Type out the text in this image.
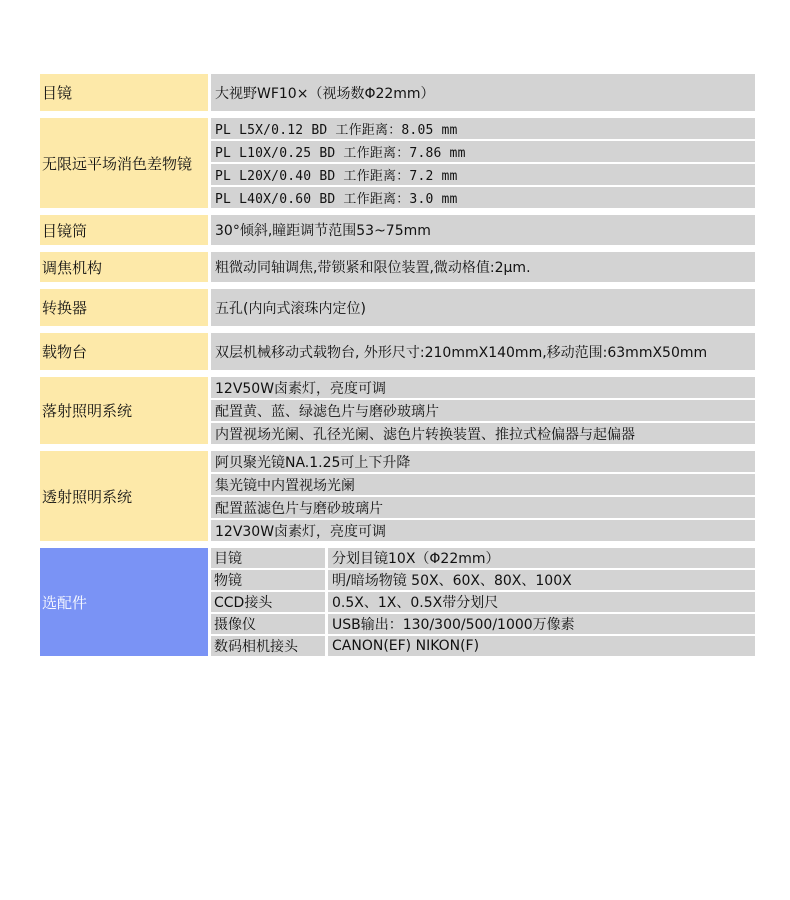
目镜	大视野WF10×（视场数Φ22mm）
无限远平场消色差物镜
PL L5X/0.12 BD 工作距离：8.05 mm
PL L10X/0.25 BD 工作距离：7.86 mm
PL L20X/0.40 BD 工作距离：7.2 mm
PL L40X/0.60 BD 工作距离：3.0 mm
目镜筒	30°倾斜,瞳距调节范围53~75mm
调焦机构	粗微动同轴调焦,带锁紧和限位装置,微动格值:2μm.
转换器	五孔(内向式滚珠内定位)
载物台	双层机械移动式载物台, 外形尺寸:210mmX140mm,移动范围:63mmX50mm
落射照明系统
12V50W卤素灯，亮度可调
配置黄、蓝、绿滤色片与磨砂玻璃片
内置视场光阑、孔径光阑、滤色片转换装置、推拉式检偏器与起偏器
透射照明系统
阿贝聚光镜NA.1.25可上下升降
集光镜中内置视场光阑
配置蓝滤色片与磨砂玻璃片
12V30W卤素灯，亮度可调
选配件
目镜	分划目镜10X（Φ22mm）
物镜	明/暗场物镜 50X、60X、80X、100X
CCD接头	0.5X、1X、0.5X带分划尺
摄像仪	USB输出：130/300/500/1000万像素
数码相机接头	CANON(EF) NIKON(F)
